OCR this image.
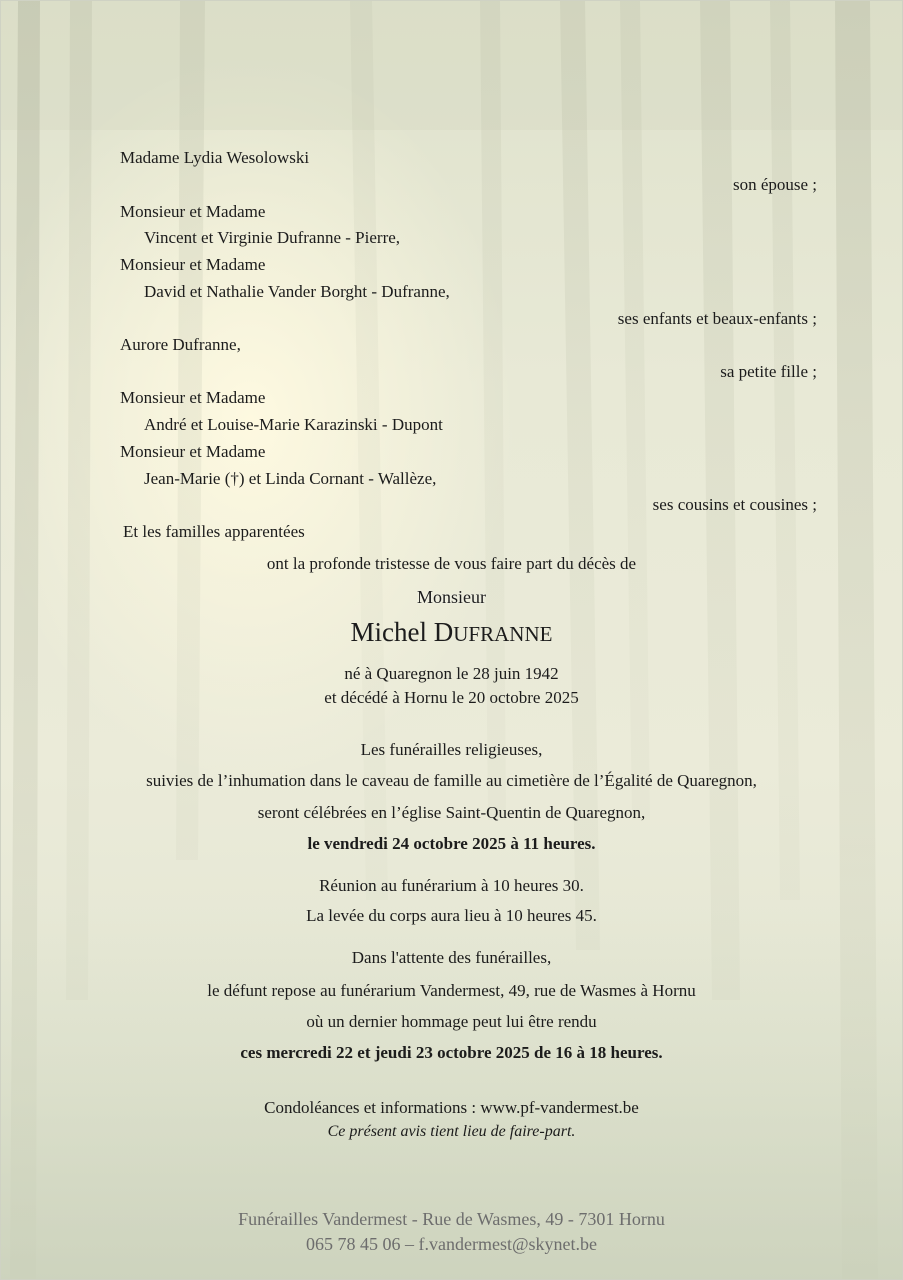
Madame Lydia Wesolowski
son épouse ;
Monsieur et Madame
Vincent et Virginie Dufranne - Pierre,
Monsieur et Madame
David et Nathalie Vander Borght - Dufranne,
ses enfants et beaux-enfants ;
Aurore Dufranne,
sa petite fille ;
Monsieur et Madame
André et Louise-Marie Karazinski - Dupont
Monsieur et Madame
Jean-Marie (†) et Linda Cornant - Wallèze,
ses cousins et cousines ;
Et les familles apparentées
ont la profonde tristesse de vous faire part du décès de
Monsieur
Michel DUFRANNE
né à Quaregnon le 28 juin 1942
et décédé à Hornu le 20 octobre 2025
Les funérailles religieuses,
suivies de l’inhumation dans le caveau de famille au cimetière de l’Égalité de Quaregnon,
seront célébrées en l’église Saint-Quentin de Quaregnon,
le vendredi 24 octobre 2025 à 11 heures.
Réunion au funérarium à 10 heures 30.
La levée du corps aura lieu à 10 heures 45.
Dans l'attente des funérailles,
le défunt repose au funérarium Vandermest, 49, rue de Wasmes à Hornu
où un dernier hommage peut lui être rendu
ces mercredi 22 et jeudi 23 octobre 2025 de 16 à 18 heures.
Condoléances et informations : www.pf-vandermest.be
Ce présent avis tient lieu de faire-part.
Funérailles Vandermest - Rue de Wasmes, 49 - 7301 Hornu
065 78 45 06 – f.vandermest@skynet.be
